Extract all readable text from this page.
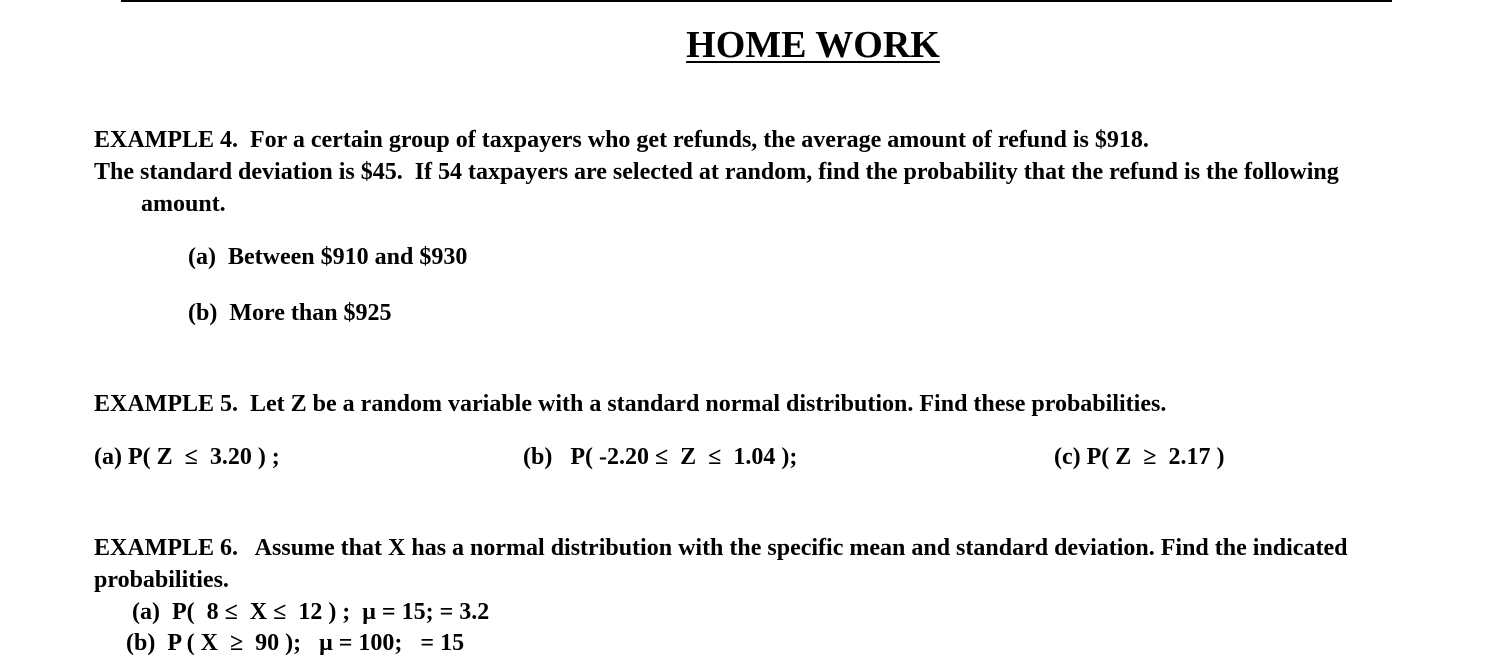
HOME WORK
EXAMPLE 4.  For a certain group of taxpayers who get refunds, the average amount of refund is $918.
The standard deviation is $45.  If 54 taxpayers are selected at random, find the probability that the refund is the following
amount.
(a)  Between $910 and $930
(b)  More than $925
EXAMPLE 5.  Let Z be a random variable with a standard normal distribution. Find these probabilities.
(a) P( Z  ≤  3.20 ) ;	(b)   P( -2.20 ≤  Z  ≤  1.04 );	(c) P( Z  ≥  2.17 )
EXAMPLE 6.   Assume that X has a normal distribution with the specific mean and standard deviation. Find the indicated
probabilities.
(a)  P(  8 ≤  X ≤  12 ) ;  μ = 15; = 3.2
(b)  P ( X  ≥  90 );   μ = 100;   = 15
